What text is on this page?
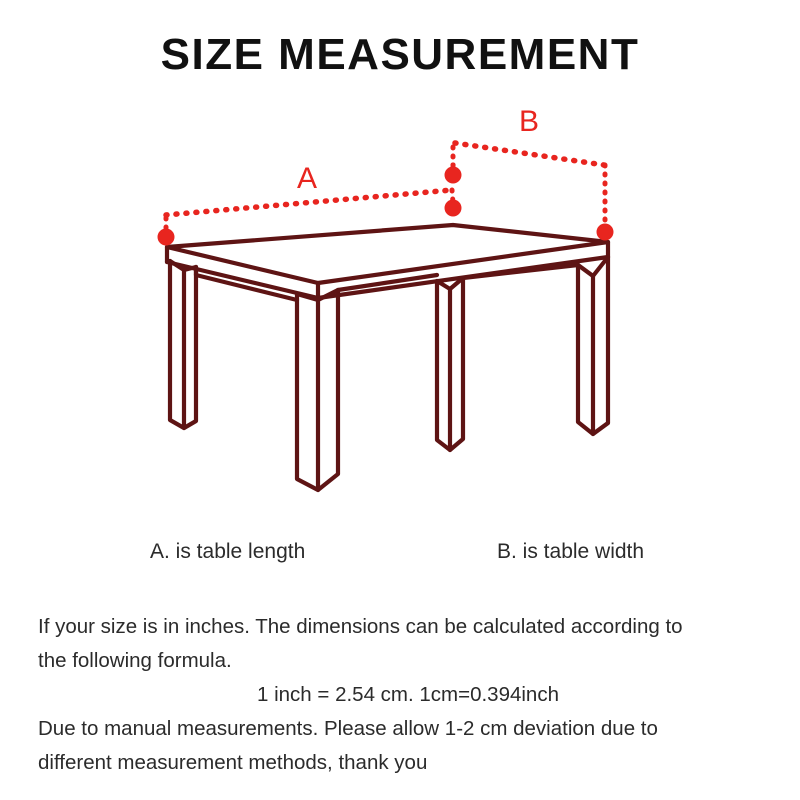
SIZE MEASUREMENT
A
B
A. is table length	B. is table width
If your size is in inches. The dimensions can be calculated according to
the following formula.
1 inch = 2.54 cm. 1cm=0.394inch
Due to manual measurements. Please allow 1-2 cm deviation due to
different measurement methods, thank you
